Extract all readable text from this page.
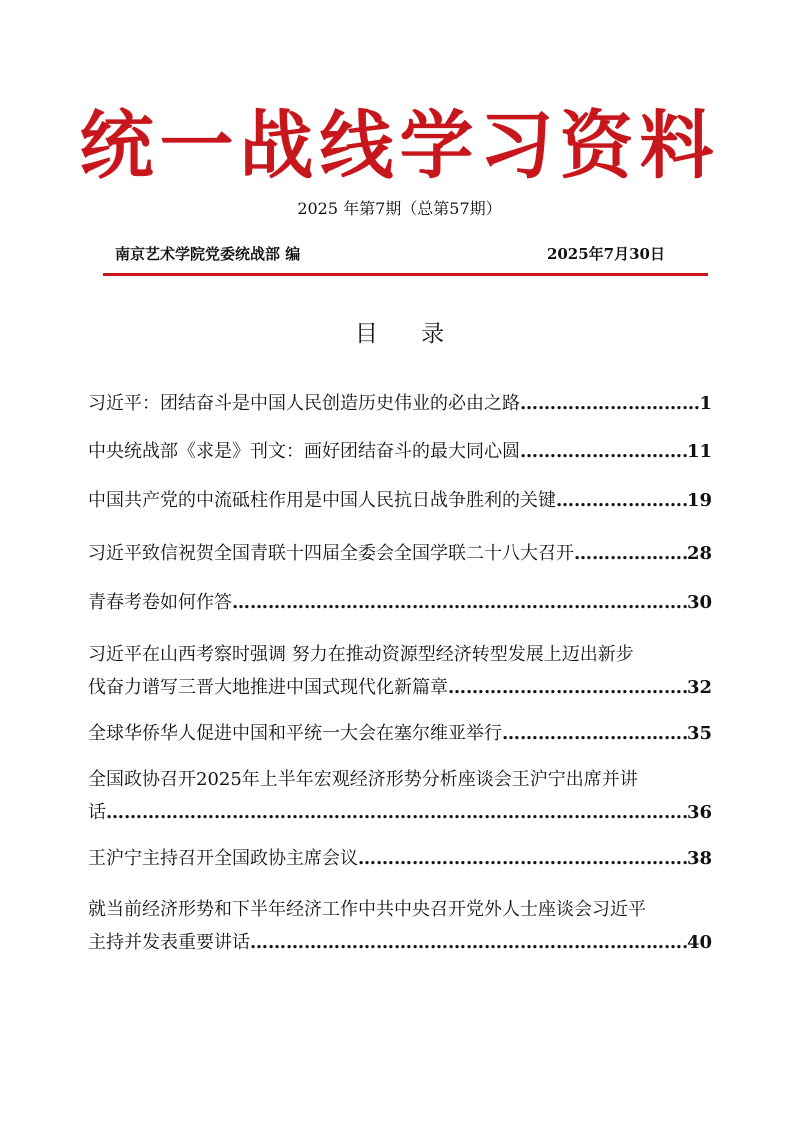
统一战线学习资料
2025 年第7期（总第57期）
南京艺术学院党委统战部 编	2025年7月30日
目 录
习近平：团结奋斗是中国人民创造历史伟业的必由之路 …………………………………………………………………………………………………………	1
中央统战部《求是》刊文：画好团结奋斗的最大同心圆 …………………………………………………………………………………………………………	11
中国共产党的中流砥柱作用是中国人民抗日战争胜利的关键 …………………………………………………………………………………………………………	19
习近平致信祝贺全国青联十四届全委会全国学联二十八大召开 …………………………………………………………………………………………………………	28
青春考卷如何作答 …………………………………………………………………………………………………………	30
习近平在山西考察时强调 努力在推动资源型经济转型发展上迈出新步
伐奋力谱写三晋大地推进中国式现代化新篇章 …………………………………………………………………………………………………………	32
全球华侨华人促进中国和平统一大会在塞尔维亚举行 …………………………………………………………………………………………………………	35
全国政协召开2025年上半年宏观经济形势分析座谈会王沪宁出席并讲
话 …………………………………………………………………………………………………………	36
王沪宁主持召开全国政协主席会议 …………………………………………………………………………………………………………	38
就当前经济形势和下半年经济工作中共中央召开党外人士座谈会习近平
主持并发表重要讲话 …………………………………………………………………………………………………………	40
